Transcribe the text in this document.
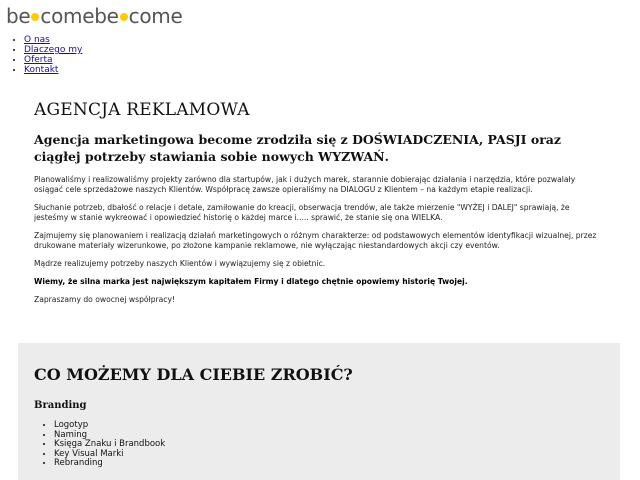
be comebe come
• O nas
• Dlaczego my
• Oferta
• Kontakt
AGENCJA REKLAMOWA
Agencja marketingowa become zrodziła się z DOŚWIADCZENIA, PASJI oraz ciągłej potrzeby stawiania sobie nowych WYZWAŃ.

Planowaliśmy i realizowaliśmy projekty zarówno dla startupów, jak i dużych marek, starannie dobierając działania i narzędzia, które pozwalały osiągać cele sprzedażowe naszych Klientów. Współpracę zawsze opieraliśmy na DIALOGU z Klientem – na każdym etapie realizacji.

Słuchanie potrzeb, dbałość o relacje i detale, zamiłowanie do kreacji, obserwacja trendów, ale także mierzenie "WYŻEJ i DALEJ" sprawiają, że jesteśmy w stanie wykreować i opowiedzieć historię o każdej marce i..... sprawić, że stanie się ona WIELKA.

Zajmujemy się planowaniem i realizacją działań marketingowych o różnym charakterze: od podstawowych elementów identyfikacji wizualnej, przez drukowane materiały wizerunkowe, po złożone kampanie reklamowe, nie wyłączając niestandardowych akcji czy eventów.

Mądrze realizujemy potrzeby naszych Klientów i wywiązujemy się z obietnic.

Wiemy, że silna marka jest największym kapitałem Firmy i dlatego chętnie opowiemy historię Twojej.

Zapraszamy do owocnej współpracy!

CO MOŻEMY DLA CIEBIE ZROBIĆ?
Branding
• Logotyp
• Naming
• Księga Znaku i Brandbook
• Key Visual Marki
• Rebranding
